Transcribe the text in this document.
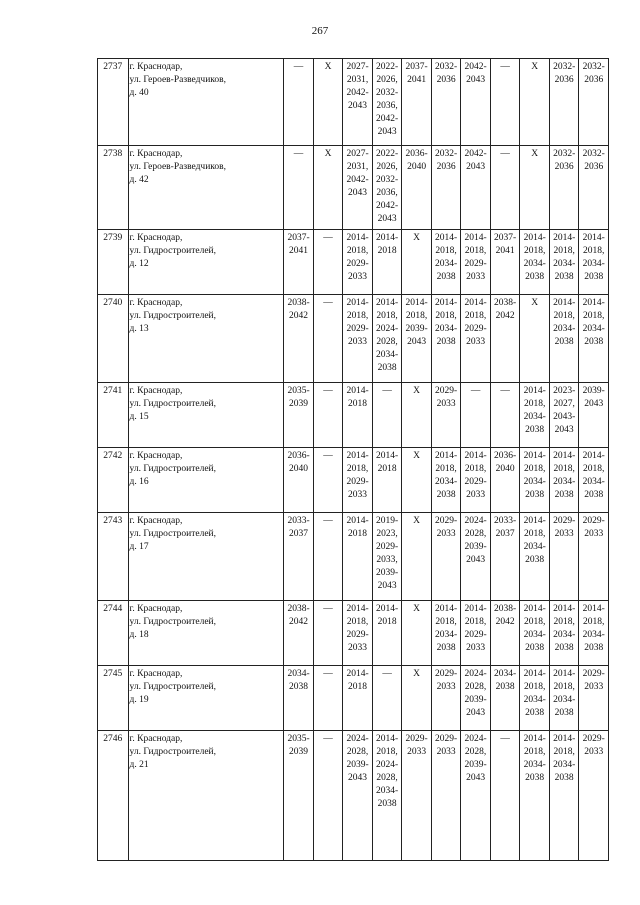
267
2737	г. Краснодар,
ул. Героев-Разведчиков,
д. 40	—	Х	2027-2031, 2042-2043	2022-2026, 2032-2036, 2042-2043	2037-2041	2032-2036	2042-2043	—	Х	2032-2036	2032-2036
2738	г. Краснодар,
ул. Героев-Разведчиков,
д. 42	—	Х	2027-2031, 2042-2043	2022-2026, 2032-2036, 2042-2043	2036-2040	2032-2036	2042-2043	—	Х	2032-2036	2032-2036
2739	г. Краснодар,
ул. Гидростроителей,
д. 12	2037-2041	—	2014-2018, 2029-2033	2014-2018	Х	2014-2018, 2034-2038	2014-2018, 2029-2033	2037-2041	2014-2018, 2034-2038	2014-2018, 2034-2038	2014-2018, 2034-2038
2740	г. Краснодар,
ул. Гидростроителей,
д. 13	2038-2042	—	2014-2018, 2029-2033	2014-2018, 2024-2028, 2034-2038	2014-2018, 2039-2043	2014-2018, 2034-2038	2014-2018, 2029-2033	2038-2042	Х	2014-2018, 2034-2038	2014-2018, 2034-2038
2741	г. Краснодар,
ул. Гидростроителей,
д. 15	2035-2039	—	2014-2018	—	Х	2029-2033	—	—	2014-2018, 2034-2038	2023-2027, 2043-2043	2039-2043
2742	г. Краснодар,
ул. Гидростроителей,
д. 16	2036-2040	—	2014-2018, 2029-2033	2014-2018	Х	2014-2018, 2034-2038	2014-2018, 2029-2033	2036-2040	2014-2018, 2034-2038	2014-2018, 2034-2038	2014-2018, 2034-2038
2743	г. Краснодар,
ул. Гидростроителей,
д. 17	2033-2037	—	2014-2018	2019-2023, 2029-2033, 2039-2043	Х	2029-2033	2024-2028, 2039-2043	2033-2037	2014-2018, 2034-2038	2029-2033	2029-2033
2744	г. Краснодар,
ул. Гидростроителей,
д. 18	2038-2042	—	2014-2018, 2029-2033	2014-2018	Х	2014-2018, 2034-2038	2014-2018, 2029-2033	2038-2042	2014-2018, 2034-2038	2014-2018, 2034-2038	2014-2018, 2034-2038
2745	г. Краснодар,
ул. Гидростроителей,
д. 19	2034-2038	—	2014-2018	—	Х	2029-2033	2024-2028, 2039-2043	2034-2038	2014-2018, 2034-2038	2014-2018, 2034-2038	2029-2033
2746	г. Краснодар,
ул. Гидростроителей,
д. 21	2035-2039	—	2024-2028, 2039-2043	2014-2018, 2024-2028, 2034-2038	2029-2033	2029-2033	2024-2028, 2039-2043	—	2014-2018, 2034-2038	2014-2018, 2034-2038	2029-2033
